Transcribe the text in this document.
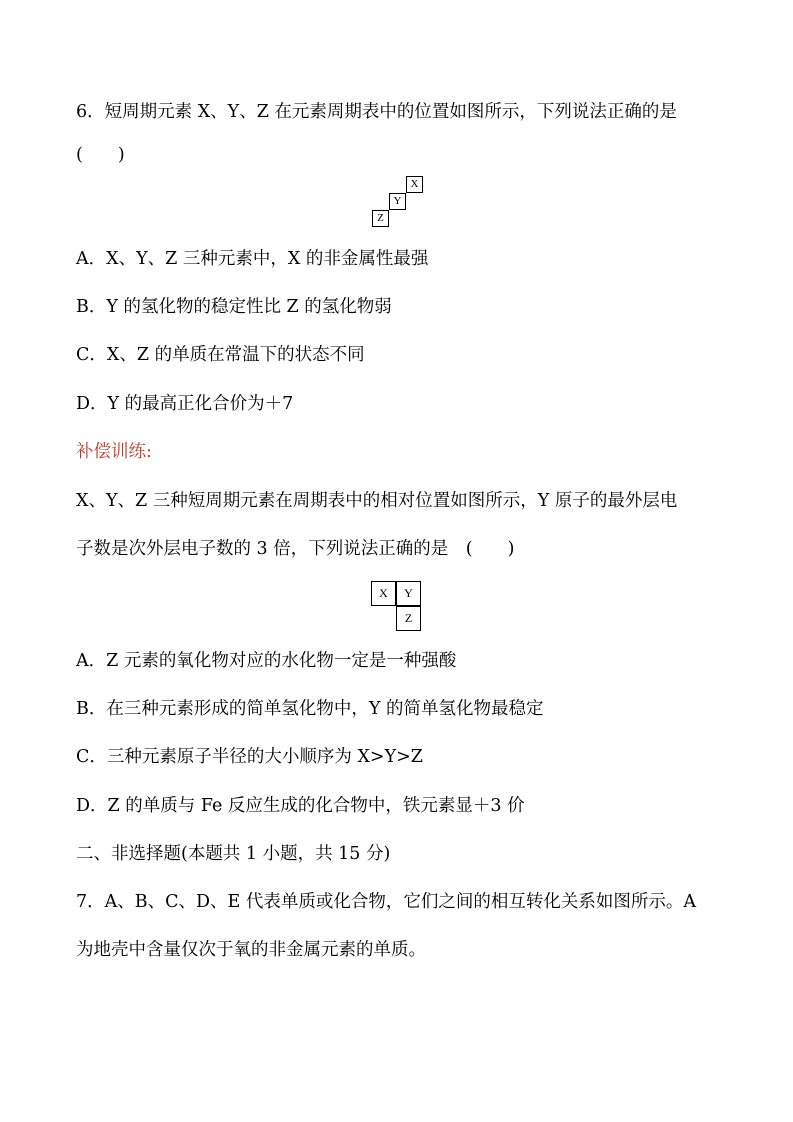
6．短周期元素 X、Y、Z 在元素周期表中的位置如图所示，下列说法正确的是
(　　)
X
Y
Z
A．X、Y、Z 三种元素中，X 的非金属性最强
B．Y 的氢化物的稳定性比 Z 的氢化物弱
C．X、Z 的单质在常温下的状态不同
D．Y 的最高正化合价为＋7
补偿训练:
X、Y、Z 三种短周期元素在周期表中的相对位置如图所示，Y 原子的最外层电
子数是次外层电子数的 3 倍，下列说法正确的是　(　　)
X	Y
Z
A．Z 元素的氧化物对应的水化物一定是一种强酸
B．在三种元素形成的简单氢化物中，Y 的简单氢化物最稳定
C．三种元素原子半径的大小顺序为 X>Y>Z
D．Z 的单质与 Fe 反应生成的化合物中，铁元素显＋3 价
二、非选择题(本题共 1 小题，共 15 分)
7．A、B、C、D、E 代表单质或化合物，它们之间的相互转化关系如图所示。A
为地壳中含量仅次于氧的非金属元素的单质。
